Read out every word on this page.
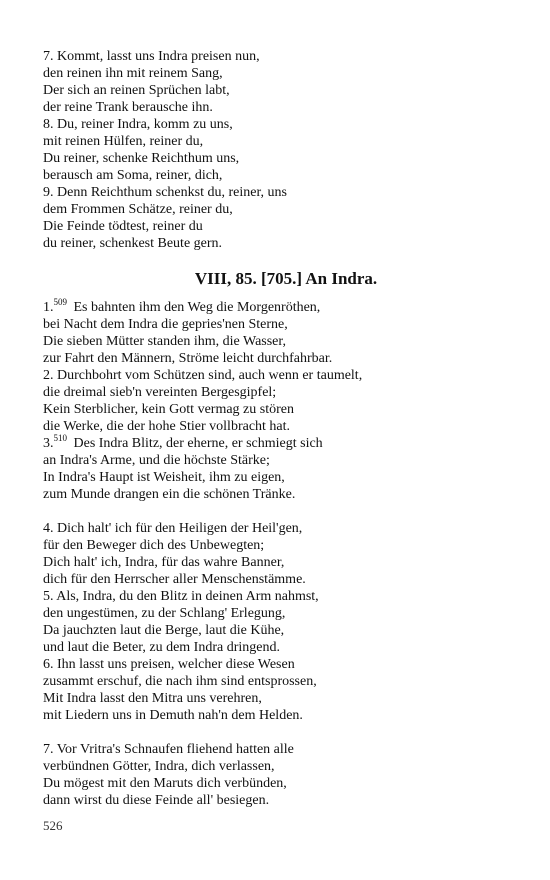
7. Kommt, lasst uns Indra preisen nun,
den reinen ihn mit reinem Sang,
Der sich an reinen Sprüchen labt,
der reine Trank berausche ihn.
8. Du, reiner Indra, komm zu uns,
mit reinen Hülfen, reiner du,
Du reiner, schenke Reichthum uns,
berausch am Soma, reiner, dich,
9. Denn Reichthum schenkst du, reiner, uns
dem Frommen Schätze, reiner du,
Die Feinde tödtest, reiner du
du reiner, schenkest Beute gern.
VIII, 85. [705.] An Indra.
1.$^{509}$ Es bahnten ihm den Weg die Morgenröthen,
bei Nacht dem Indra die gepries'nen Sterne,
Die sieben Mütter standen ihm, die Wasser,
zur Fahrt den Männern, Ströme leicht durchfahrbar.
2. Durchbohrt vom Schützen sind, auch wenn er taumelt,
die dreimal sieb'n vereinten Bergesgipfel;
Kein Sterblicher, kein Gott vermag zu stören
die Werke, die der hohe Stier vollbracht hat.
3.$^{510}$ Des Indra Blitz, der eherne, er schmiegt sich
an Indra's Arme, und die höchste Stärke;
In Indra's Haupt ist Weisheit, ihm zu eigen,
zum Munde drangen ein die schönen Tränke.
4. Dich halt' ich für den Heiligen der Heil'gen,
für den Beweger dich des Unbewegten;
Dich halt' ich, Indra, für das wahre Banner,
dich für den Herrscher aller Menschenstämme.
5. Als, Indra, du den Blitz in deinen Arm nahmst,
den ungestümen, zu der Schlang' Erlegung,
Da jauchzten laut die Berge, laut die Kühe,
und laut die Beter, zu dem Indra dringend.
6. Ihn lasst uns preisen, welcher diese Wesen
zusammt erschuf, die nach ihm sind entsprossen,
Mit Indra lasst den Mitra uns verehren,
mit Liedern uns in Demuth nah'n dem Helden.
7. Vor Vritra's Schnaufen fliehend hatten alle
verbündnen Götter, Indra, dich verlassen,
Du mögest mit den Maruts dich verbünden,
dann wirst du diese Feinde all' besiegen.
526
